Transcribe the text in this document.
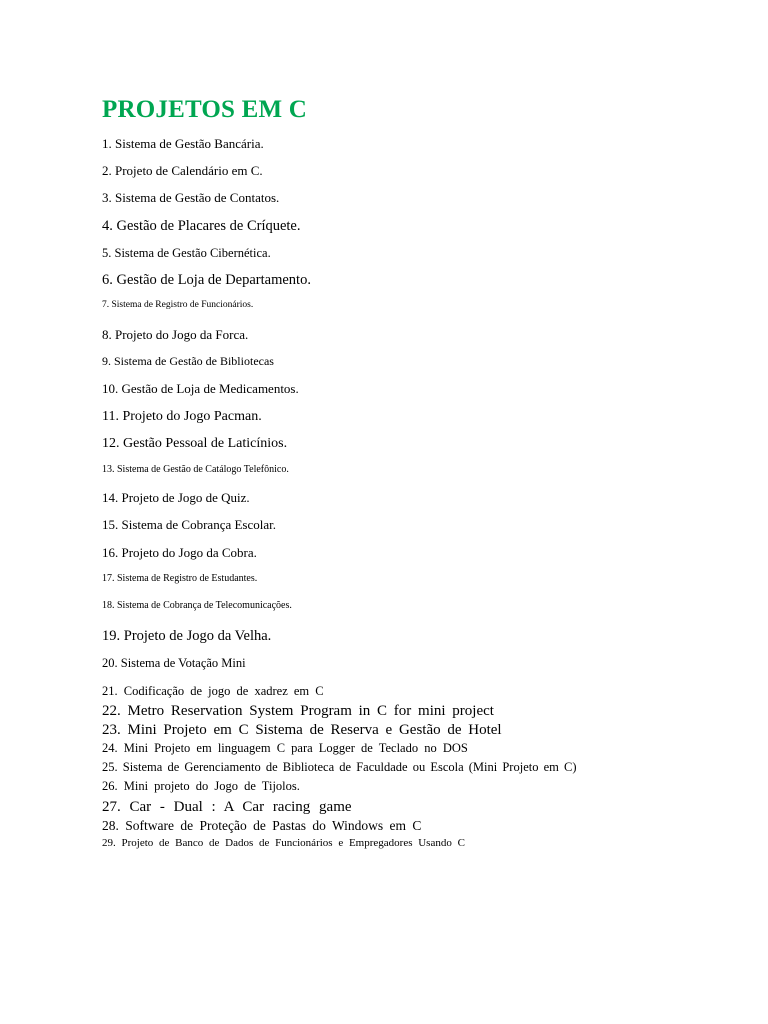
PROJETOS EM C

1. Sistema de Gestão Bancária.

2. Projeto de Calendário em C.

3. Sistema de Gestão de Contatos.

4. Gestão de Placares de Críquete.

5. Sistema de Gestão Cibernética.

6. Gestão de Loja de Departamento.

7. Sistema de Registro de Funcionários.

8. Projeto do Jogo da Forca.

9. Sistema de Gestão de Bibliotecas

10. Gestão de Loja de Medicamentos.

11. Projeto do Jogo Pacman.

12. Gestão Pessoal de Laticínios.

13. Sistema de Gestão de Catálogo Telefônico.

14. Projeto de Jogo de Quiz.

15. Sistema de Cobrança Escolar.

16. Projeto do Jogo da Cobra.

17. Sistema de Registro de Estudantes.

18. Sistema de Cobrança de Telecomunicações.

19. Projeto de Jogo da Velha.

20. Sistema de Votação Mini

21. Codificação de jogo de xadrez em C

22. Metro Reservation System Program in C for mini project

23. Mini Projeto em C Sistema de Reserva e Gestão de Hotel

24. Mini Projeto em linguagem C para Logger de Teclado no DOS

25. Sistema de Gerenciamento de Biblioteca de Faculdade ou Escola (Mini Projeto em C)

26. Mini projeto do Jogo de Tijolos.

27. Car - Dual : A Car racing game

28. Software de Proteção de Pastas do Windows em C

29. Projeto de Banco de Dados de Funcionários e Empregadores Usando C
